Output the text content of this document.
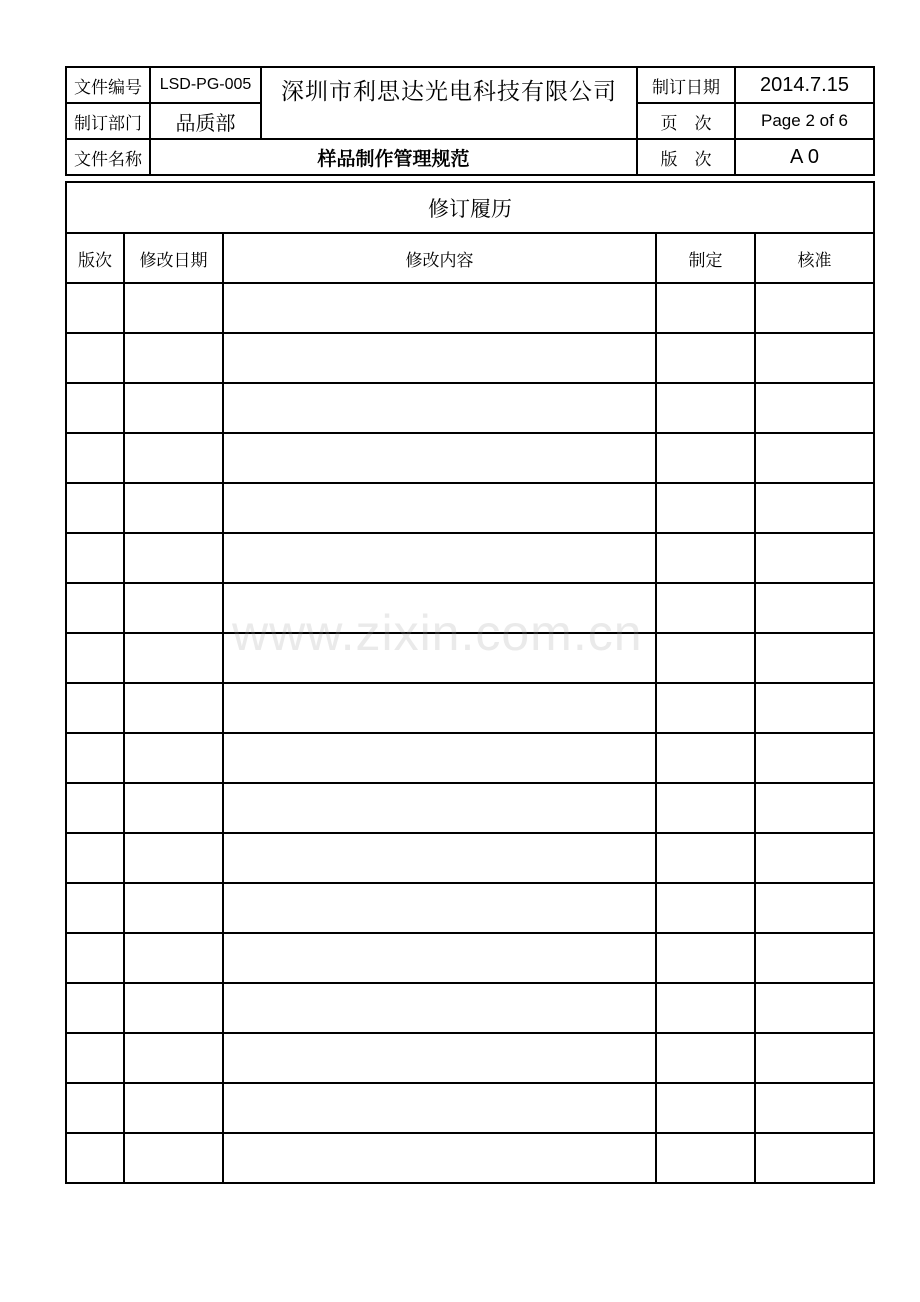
文件编号	LSD-PG-005	深圳市利思达光电科技有限公司	制订日期	2014.7.15
制订部门	品质部		页　次	Page 2 of 6
文件名称	样品制作管理规范		版　次	A 0
修订履历				
版次	修改日期	修改内容	制定	核准

www.zixin.com.cn
